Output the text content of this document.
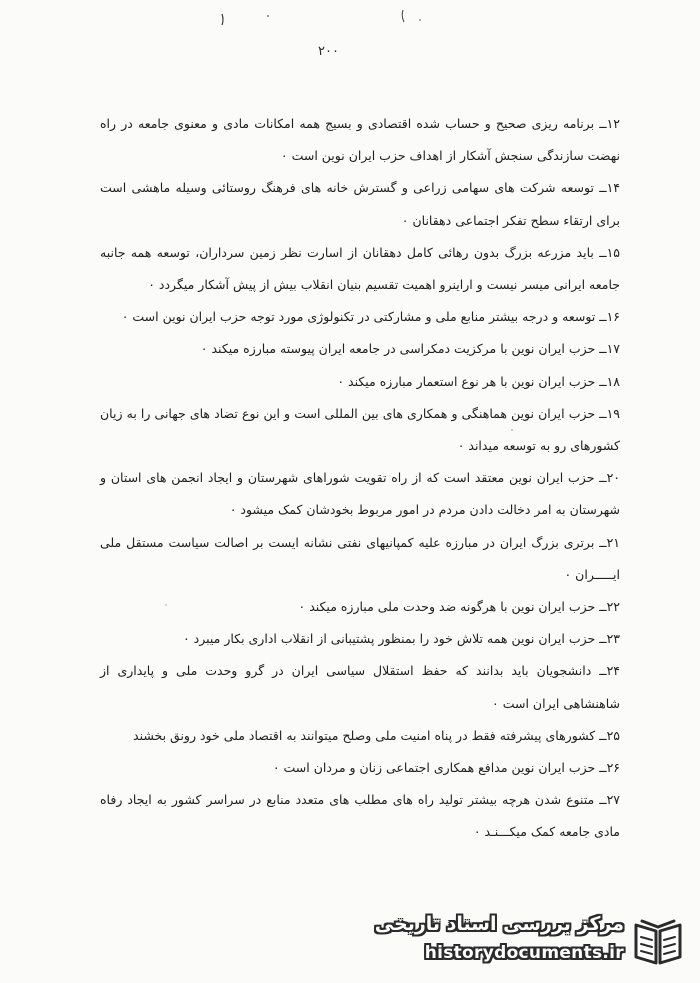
۲۰۰

۱۲ــ برنامه ریزی صحیح و حساب شده اقتصادی و بسیج همه امکانات مادی و معنوی جامعه در راه نهضت سازندگی سنجش آشکار از اهداف حزب ایران نوین است ۰

۱۴ــ توسعه شرکت های سهامی زراعی و گسترش خانه های فرهنگ روستائی وسیله ماهشی است برای ارتقاء سطح تفکر اجتماعی دهقانان ۰

۱۵ــ باید مزرعه بزرگ بدون رهائی کامل دهقانان از اسارت نظر زمین سرداران، توسعه همه جانبه جامعه ایرانی میسر نیست و اراینرو اهمیت تقسیم بنیان انقلاب بیش از پیش آشکار میگردد ۰

۱۶ــ توسعه و درجه بیشتر منابع ملی و مشارکتی در تکنولوژی مورد توجه حزب ایران نوین است ۰

۱۷ــ حزب ایران نوین با مرکزیت دمکراسی در جامعه ایران پیوسته مبارزه میکند ۰

۱۸ــ حزب ایران نوین با هر نوع استعمار مبارزه میکند ۰

۱۹ــ حزب ایران نوین هماهنگی و همکاری های بین المللی است و این نوع تضاد های جهانی را به زیان کشورهای رو به توسعه میداند ۰

۲۰ــ حزب ایران نوین معتقد است که از راه تقویت شوراهای شهرستان و ایجاد انجمن های استان و شهرستان به امر دخالت دادن مردم در امور مربوط بخودشان کمک میشود ۰

۲۱ــ برتری بزرگ ایران در مبارزه علیه کمپانیهای نفتی نشانه ایست بر اصالت سیاست مستقل ملی ایـــــران ۰

۲۲ــ حزب ایران نوین با هرگونه ضد وحدت ملی مبارزه میکند ۰

۲۳ــ حزب ایران نوین همه تلاش خود را بمنظور پشتیبانی از انقلاب اداری بکار میبرد ۰

۲۴ــ دانشجویان باید بدانند که حفظ استقلال سیاسی ایران در گرو وحدت ملی و پایداری از شاهنشاهی ایران است ۰

۲۵ــ کشورهای پیشرفته فقط در پناه امنیت ملی وصلح میتوانند به اقتصاد ملی خود رونق بخشند

۲۶ــ حزب ایران نوین مدافع همکاری اجتماعی زنان و مردان است ۰

۲۷ــ متنوع شدن هرچه بیشتر تولید راه های مطلب های متعدد منابع در سراسر کشور به ایجاد رفاه مادی جامعه کمک میکـــنـد ۰

مرکز بررسی اسناد تاریخی
historydocuments.ir
